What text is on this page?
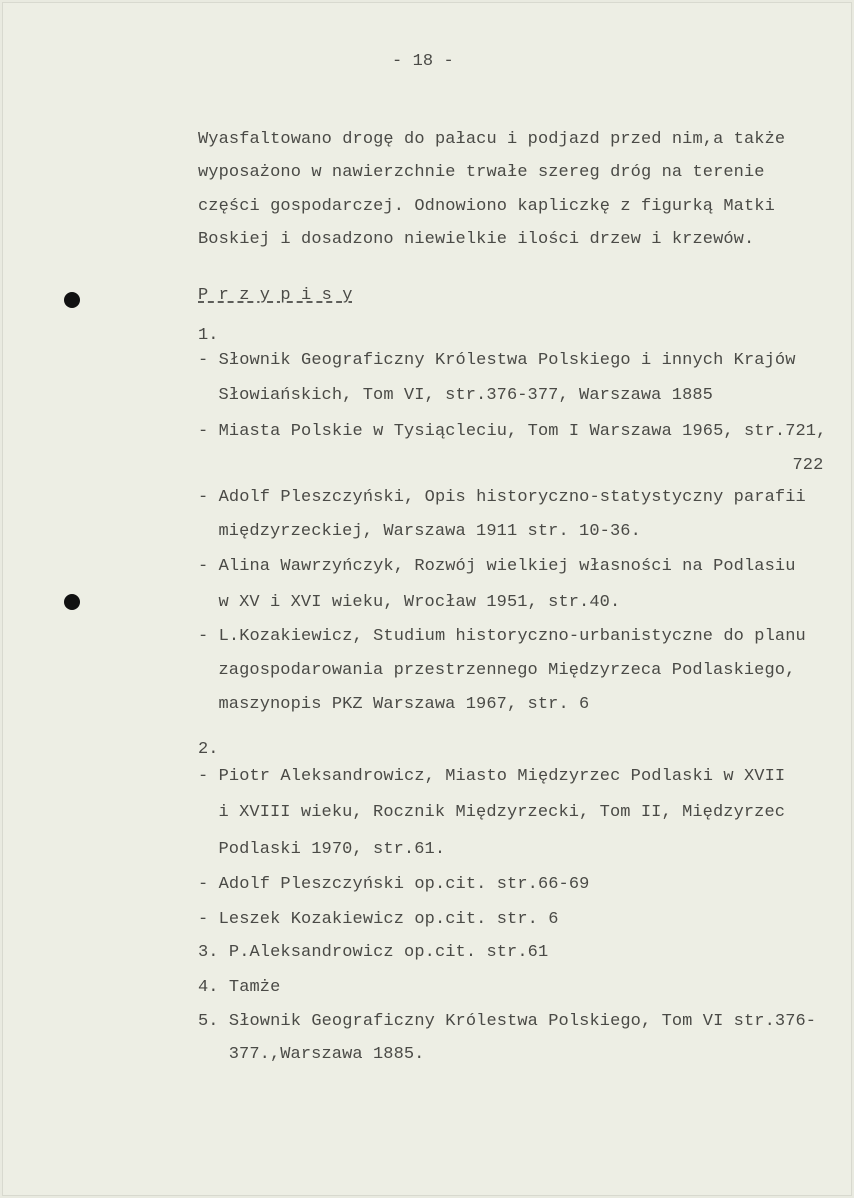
- 18 -
Wyasfaltowano drogę do pałacu i podjazd przed nim,a także
wyposażono w nawierzchnie trwałe szereg dróg na terenie
części gospodarczej. Odnowiono kapliczkę z figurką Matki
Boskiej i dosadzono niewielkie ilości drzew i krzewów.
P r z y p i s y
1.
- Słownik Geograficzny Królestwa Polskiego i innych Krajów
Słowiańskich, Tom VI, str.376-377, Warszawa 1885
- Miasta Polskie w Tysiącleciu, Tom I Warszawa 1965, str.721,
722
- Adolf Pleszczyński, Opis historyczno-statystyczny parafii
międzyrzeckiej, Warszawa 1911 str. 10-36.
- Alina Wawrzyńczyk, Rozwój wielkiej własności na Podlasiu
w XV i XVI wieku, Wrocław 1951, str.40.
- L.Kozakiewicz, Studium historyczno-urbanistyczne do planu
zagospodarowania przestrzennego Międzyrzeca Podlaskiego,
maszynopis PKZ Warszawa 1967, str. 6
2.
- Piotr Aleksandrowicz, Miasto Międzyrzec Podlaski w XVII
i XVIII wieku, Rocznik Międzyrzecki, Tom II, Międzyrzec
Podlaski 1970, str.61.
- Adolf Pleszczyński op.cit. str.66-69
- Leszek Kozakiewicz op.cit. str. 6
3. P.Aleksandrowicz op.cit. str.61
4. Tamże
5. Słownik Geograficzny Królestwa Polskiego, Tom VI str.376-
377.,Warszawa 1885.
